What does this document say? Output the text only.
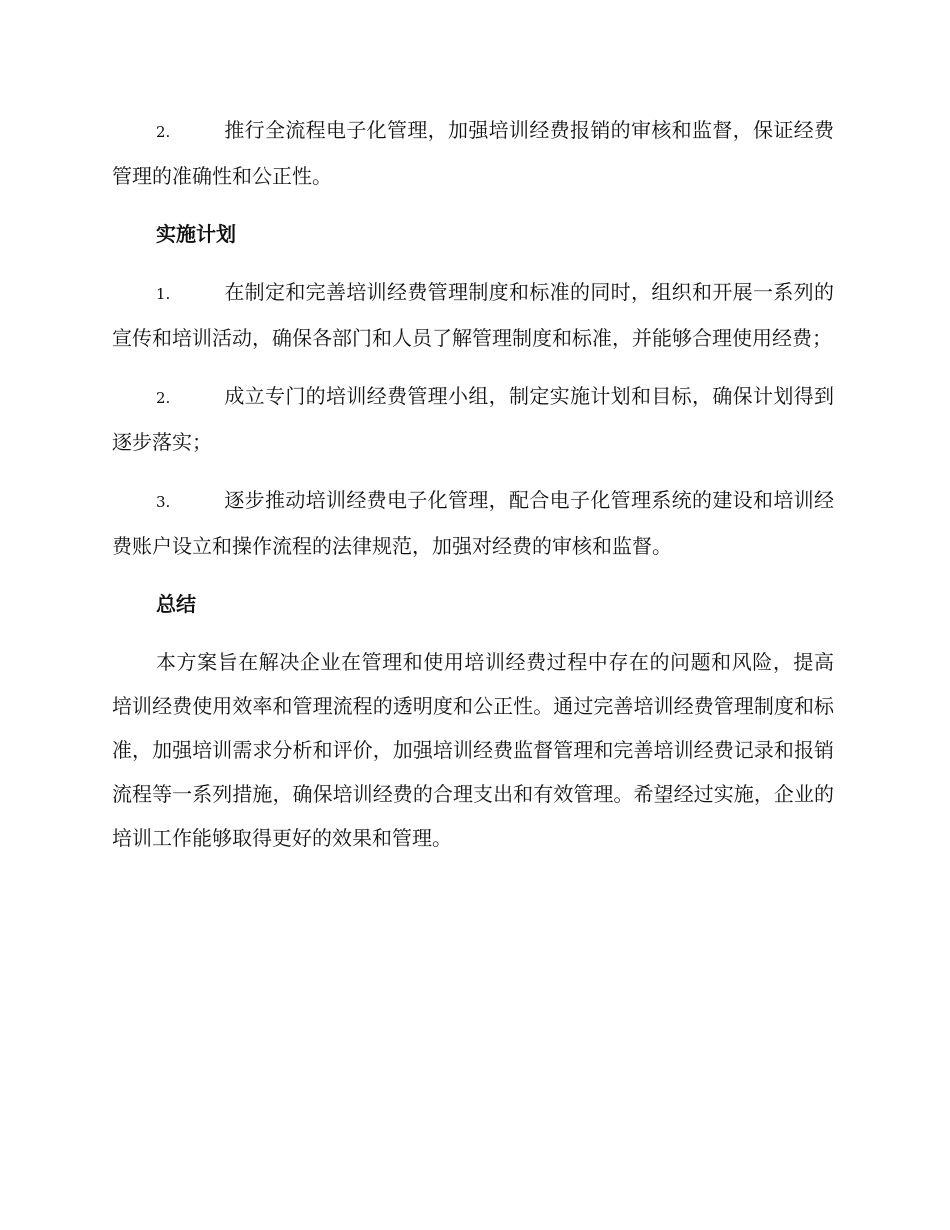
2.	推行全流程电子化管理，加强培训经费报销的审核和监督，保证经费管理的准确性和公正性。
实施计划
1.	在制定和完善培训经费管理制度和标准的同时，组织和开展一系列的宣传和培训活动，确保各部门和人员了解管理制度和标准，并能够合理使用经费；
2.	成立专门的培训经费管理小组，制定实施计划和目标，确保计划得到逐步落实；
3.	逐步推动培训经费电子化管理，配合电子化管理系统的建设和培训经费账户设立和操作流程的法律规范，加强对经费的审核和监督。
总结

本方案旨在解决企业在管理和使用培训经费过程中存在的问题和风险，提高培训经费使用效率和管理流程的透明度和公正性。通过完善培训经费管理制度和标准，加强培训需求分析和评价，加强培训经费监督管理和完善培训经费记录和报销流程等一系列措施，确保培训经费的合理支出和有效管理。希望经过实施，企业的培训工作能够取得更好的效果和管理。
